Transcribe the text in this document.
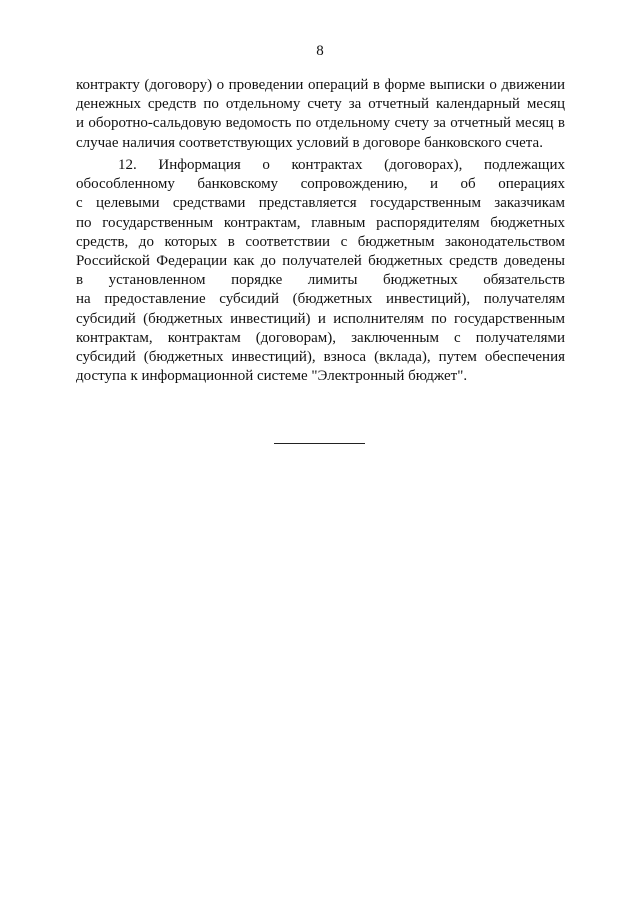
8
контракту (договору) о проведении операций в форме выписки о движении
денежных средств по отдельному счету за отчетный календарный месяц
и оборотно-сальдовую ведомость по отдельному счету за отчетный месяц в
случае наличия соответствующих условий в договоре банковского счета.
12. Информация о контрактах (договорах), подлежащих
обособленному банковскому сопровождению, и об операциях
с целевыми средствами представляется государственным заказчикам
по государственным контрактам, главным распорядителям бюджетных
средств, до которых в соответствии с бюджетным законодательством
Российской Федерации как до получателей бюджетных средств доведены
в установленном порядке лимиты бюджетных обязательств
на предоставление субсидий (бюджетных инвестиций), получателям
субсидий (бюджетных инвестиций) и исполнителям по государственным
контрактам, контрактам (договорам), заключенным с получателями
субсидий (бюджетных инвестиций), взноса (вклада), путем обеспечения
доступа к информационной системе "Электронный бюджет".
